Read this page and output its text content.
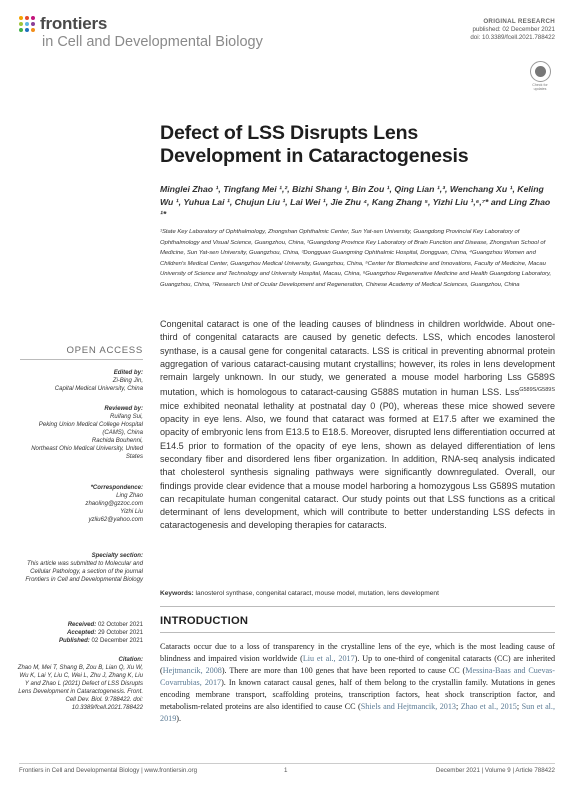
frontiers
in Cell and Developmental Biology
ORIGINAL RESEARCH
published: 02 December 2021
doi: 10.3389/fcell.2021.788422
Check for updates
Defect of LSS Disrupts Lens Development in Cataractogenesis
Minglei Zhao ¹, Tingfang Mei ¹,², Bizhi Shang ¹, Bin Zou ¹, Qing Lian ¹,³, Wenchang Xu ¹, Keling Wu ¹, Yuhua Lai ¹, Chujun Liu ¹, Lai Wei ¹, Jie Zhu ⁴, Kang Zhang ⁵, Yizhi Liu ¹,⁶,⁷* and Ling Zhao ¹*
¹State Key Laboratory of Ophthalmology, Zhongshan Ophthalmic Center, Sun Yat-sen University, Guangdong Provincial Key Laboratory of Ophthalmology and Visual Science, Guangzhou, China, ²Guangdong Province Key Laboratory of Brain Function and Disease, Zhongshan School of Medicine, Sun Yat-sen University, Guangzhou, China, ³Dongguan Guangming Ophthalmic Hospital, Dongguan, China, ⁴Guangzhou Women and Children's Medical Center, Guangzhou Medical University, Guangzhou, China, ⁵Center for Biomedicine and Innovations, Faculty of Medicine, Macau University of Science and Technology and University Hospital, Macau, China, ⁶Guangzhou Regenerative Medicine and Health Guangdong Laboratory, Guangzhou, China, ⁷Research Unit of Ocular Development and Regeneration, Chinese Academy of Medical Sciences, Guangzhou, China
Congenital cataract is one of the leading causes of blindness in children worldwide. About one-third of congenital cataracts are caused by genetic defects. LSS, which encodes lanosterol synthase, is a causal gene for congenital cataracts. LSS is critical in preventing abnormal protein aggregation of various cataract-causing mutant crystallins; however, its roles in lens development remain largely unknown. In our study, we generated a mouse model harboring Lss G589S mutation, which is homologous to cataract-causing G588S mutation in human LSS. Lss$^{G589S/G589S}$ mice exhibited neonatal lethality at postnatal day 0 (P0), whereas these mice showed severe opacity in eye lens. Also, we found that cataract was formed at E17.5 after we examined the opacity of embryonic lens from E13.5 to E18.5. Moreover, disrupted lens differentiation occurred at E14.5 prior to formation of the opacity of eye lens, shown as delayed differentiation of lens secondary fiber and disordered lens fiber organization. In addition, RNA-seq analysis indicated that cholesterol synthesis signaling pathways were significantly downregulated. Overall, our findings provide clear evidence that a mouse model harboring a homozygous Lss G589S mutation can recapitulate human congenital cataract. Our study points out that LSS functions as a critical determinant of lens development, which will contribute to better understanding LSS defects in cataractogenesis and developing therapies for cataracts.
Keywords: lanosterol synthase, congenital cataract, mouse model, mutation, lens development
INTRODUCTION
Cataracts occur due to a loss of transparency in the crystalline lens of the eye, which is the most leading cause of blindness and impaired vision worldwide (Liu et al., 2017). Up to one-third of congenital cataracts (CC) are inherited (Hejtmancik, 2008). There are more than 100 genes that have been reported to cause CC (Messina-Baas and Cuevas-Covarrubias, 2017). In known cataract causal genes, half of them belong to the crystallin family. Mutations in genes encoding membrane transport, scaffolding proteins, transcription factors, heat shock transcription factor, and metabolism-related proteins are also identified to cause CC (Shiels and Hejtmancik, 2013; Zhao et al., 2015; Sun et al., 2019).
OPEN ACCESS
Edited by:
Zi-Bing Jin,
Capital Medical University, China
Reviewed by:
Ruifang Sui,
Peking Union Medical College Hospital (CAMS), China
Rachida Bouhenni,
Northeast Ohio Medical University, United States
*Correspondence:
Ling Zhao
zhaoling@gzzoc.com
Yizhi Liu
yzliu62@yahoo.com
Specialty section:
This article was submitted to Molecular and Cellular Pathology, a section of the journal Frontiers in Cell and Developmental Biology
Received: 02 October 2021
Accepted: 29 October 2021
Published: 02 December 2021
Citation:
Zhao M, Mei T, Shang B, Zou B, Lian Q, Xu W, Wu K, Lai Y, Liu C, Wei L, Zhu J, Zhang K, Liu Y and Zhao L (2021) Defect of LSS Disrupts Lens Development in Cataractogenesis. Front. Cell Dev. Biol. 9:788422. doi: 10.3389/fcell.2021.788422
Frontiers in Cell and Developmental Biology | www.frontiersin.org	1	December 2021 | Volume 9 | Article 788422
